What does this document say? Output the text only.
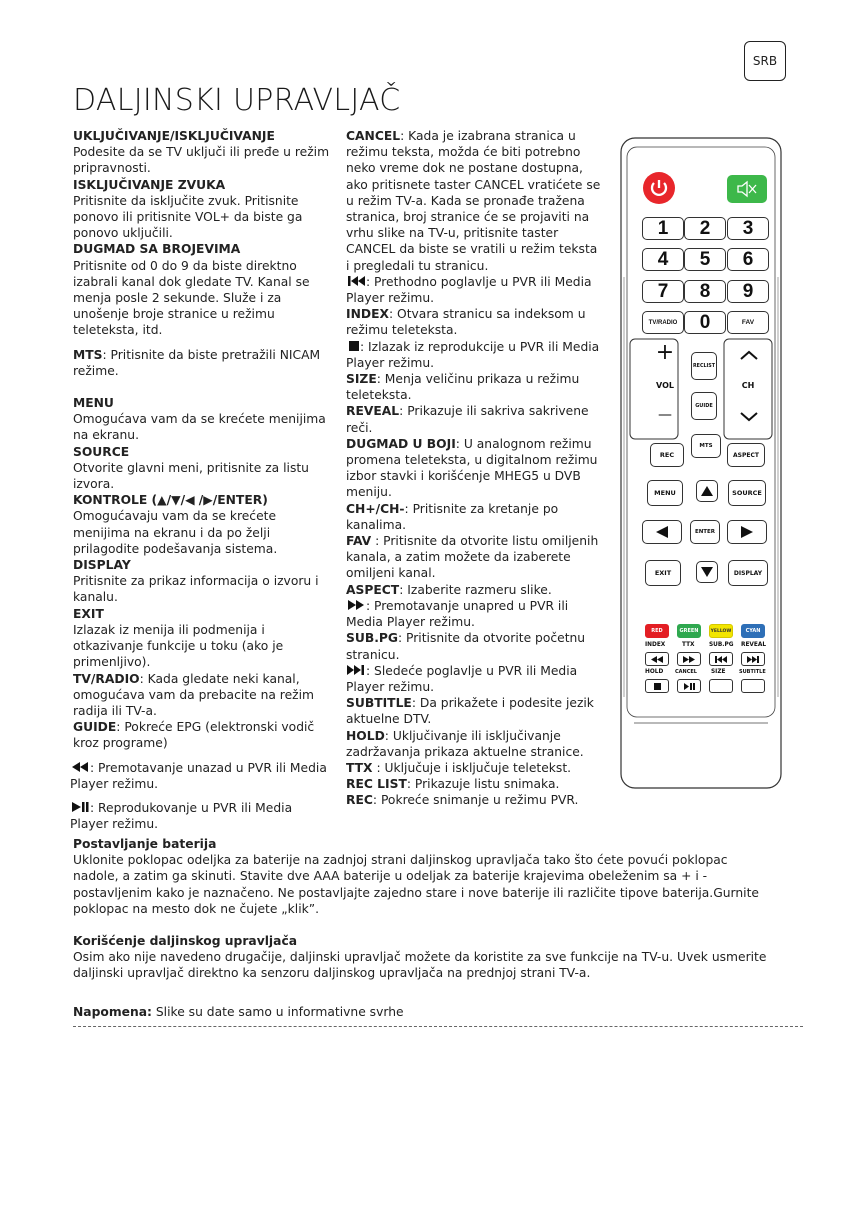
SRB
DALJINSKI UPRAVLJAČ
UKLJUČIVANJE/ISKLJUČIVANJE

Podesite da se TV uključi ili pređe u režim pripravnosti.

ISKLJUČIVANJE ZVUKA

Pritisnite da isključite zvuk. Pritisnite ponovo ili pritisnite VOL+ da biste ga ponovo uključili.

DUGMAD SA BROJEVIMA

Pritisnite od 0 do 9 da biste direktno izabrali kanal dok gledate TV. Kanal se menja posle 2 sekunde. Služe i za unošenje broje stranice u režimu teleteksta, itd.

MTS: Pritisnite da biste pretražili NICAM režime.

MENU

Omogućava vam da se krećete menijima na ekranu.

SOURCE

Otvorite glavni meni, pritisnite za listu izvora.

KONTROLE (▲/▼/◀ /▶/ENTER)

Omogućavaju vam da se krećete menijima na ekranu i da po želji prilagodite podešavanja sistema.

DISPLAY

Pritisnite za prikaz informacija o izvoru i kanalu.

EXIT

Izlazak iz menija ili podmenija i otkazivanje funkcije u toku (ako je primenljivo).

TV/RADIO: Kada gledate neki kanal, omogućava vam da prebacite na režim radija ili TV-a.

GUIDE: Pokreće EPG (elektronski vodič kroz programe)

: Premotavanje unazad u PVR ili Media Player režimu.

: Reprodukovanje u PVR ili Media Player režimu.

CANCEL: Kada je izabrana stranica u režimu teksta, možda će biti potrebno neko vreme dok ne postane dostupna, ako pritisnete taster CANCEL vratićete se u režim TV-a. Kada se pronađe tražena stranica, broj stranice će se projaviti na vrhu slike na TV-u, pritisnite taster CANCEL da biste se vratili u režim teksta i pregledali tu stranicu.

: Prethodno poglavlje u PVR ili Media Player režimu.

INDEX: Otvara stranicu sa indeksom u režimu teleteksta.

: Izlazak iz reprodukcije u PVR ili Media Player režimu.

SIZE: Menja veličinu prikaza u režimu teleteksta.

REVEAL: Prikazuje ili sakriva sakrivene reči.

DUGMAD U BOJI: U analognom režimu promena teleteksta, u digitalnom režimu izbor stavki i korišćenje MHEG5 u DVB meniju.

CH+/CH-: Pritisnite za kretanje po kanalima.

FAV : Pritisnite da otvorite listu omiljenih kanala, a zatim možete da izaberete omiljeni kanal.

ASPECT: Izaberite razmeru slike.

: Premotavanje unapred u PVR ili Media Player režimu.

SUB.PG: Pritisnite da otvorite početnu stranicu.

: Sledeće poglavlje u PVR ili Media Player režimu.

SUBTITLE: Da prikažete i podesite jezik aktuelne DTV.

HOLD: Uključivanje ili isključivanje zadržavanja prikaza aktuelne stranice.

TTX : Uključuje i isključuje teletekst.

REC LIST: Prikazuje listu snimaka.

REC: Pokreće snimanje u režimu PVR.

1	2	3
4	5	6
7	8	9
TV/RADIO	0	FAV
+
VOL
—
RECLIST
GUIDE
CH
REC
MTS
ASPECT
MENU	SOURCE
ENTER
EXIT	DISPLAY
RED	GREEN	YELLOW	CYAN
INDEX	TTX SUB.PG REVEAL
HOLD CANCEL SIZE	SUBTITLE
Postavljanje baterija

Uklonite poklopac odeljka za baterije na zadnjoj strani daljinskog upravljača tako što ćete povući poklopac nadole, a zatim ga skinuti. Stavite dve AAA baterije u odeljak za baterije krajevima obeleženim sa + i - postavljenim kako je naznačeno. Ne postavljajte zajedno stare i nove baterije ili različite tipove baterija.Gurnite poklopac na mesto dok ne čujete „klik”.

Korišćenje daljinskog upravljača

Osim ako nije navedeno drugačije, daljinski upravljač možete da koristite za sve funkcije na TV-u. Uvek usmerite daljinski upravljač direktno ka senzoru daljinskog upravljača na prednjoj strani TV-a.

Napomena: Slike su date samo u informativne svrhe
